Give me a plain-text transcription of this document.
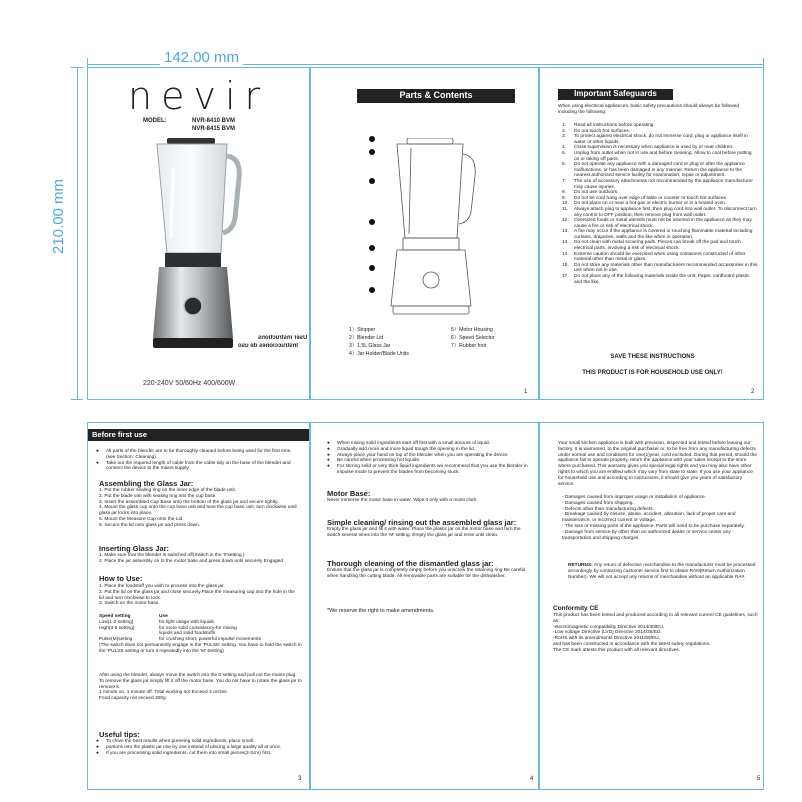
142.00 mm
210.00 mm
nevir
MODEL:	NVR-8410 BVM
NVR-8415 BVM
User instructions
Instrucciones de uso
220-240V 50/60Hz 400/600W
Parts & Contents
1）Stopper
2）Blender Lid
3）1.5L Glass Jar
4）Jar Holder/Blade Units
5）Motor Housing
6）Speed Selector
7）Rubber foot
1
Important Safeguards
When using electrical appliances, basic safety precautions should always be followed including the following:
1.	Read all instructions before operating.
2.	Do not touch hot surfaces.
3.	To protect against electrical shock, do not immerse cord, plug or appliance itself in water or other liquids.
4.	Close supervision is necessary when appliance is used by or near children.
5.	Unplug from outlet when not in use and before cleaning. Allow to cool before putting on or taking off parts.
6.	Do not operate any appliance with a damaged cord or plug or after the appliance malfunctions, or has been damaged in any manner. Return the appliance to the nearest authorized service facility for examination, repair or adjustment.
7.	The use of accessory attachments not recommended by the appliance manufacturer may cause injuries.
8.	Do not use outdoors.
9.	Do not let cord hang over edge of table or counter or touch hot surfaces.
10.	Do not place on or near a hot gas or electric burner or in a heated oven.
11.	Always attach plug to appliance first, then plug cord into wall outlet. To disconnect turn any control to OFF position, then remove plug from wall outlet.
12.	Oversized foods or metal utensils must not be inserted in the appliance as they may cause a fire or risk of electrical shock.
13.	A fire may occur if the appliance is covered or touching flammable material including curtains, draperies, walls and the like when in operation.
14.	Do not clean with metal scouring pads. Pieces can break off the pad and touch electrical parts, involving a risk of electrical shock.
14.	Extreme caution should be exercised when using containers constructed of other material other than metal or glass.
15.	Do not store any materials other than manufacturers recommended accessories in this unit when not in use.
17.	Do not place any of the following materials inside the unit: Paper, cardboard plastic and the like.
SAVE THESE INSTRUCTIONS
THIS PRODUCT IS FOR HOUSEHOLD USE ONLY!
2
Before first use
●	All parts of the blender are to be thoroughly cleaned before being used for the first time, (see Section: Cleaning).
●	Take out the required length of cable from the cable tidy on the base of the blender and connect the device to the mains supply.
Assembling the Glass Jar:
1. Put the rubber sealing ring on the inner edge of the blade unit.
2. Put the blade unit with sealing ring into the cup base.
3. Insert the assembled Cup Base onto the bottom of the glass jar and secure tightly.
4. Mount the glass cup onto the cup base unit and tune the cup base unit, turn clockwise until glass jar locks into place.
5. Mount the Measure Cup onto the Lid.
6. Secure the lid onto glass jar and press down.
Inserting Glass Jar:
1. Make sure that the blender is switched off(Switch in the '0'setting.)
2. Place the jar assembly on to the motor base and press down until securely Engaged
How to Use:
1. Place the foodstuff you wish to process into the glass jar.
2. Put the lid on the glass jar and close securely.Place the measuring cap into the hole in the lid and turn clockwise to lock.
3. Switch on the motor base.
Speed setting	Use
Low(1-2 setting)	for light usage with liquids
High(3-5 setting)	for more solid consistency-for mixing liquids and solid foodstuffs
Pulse(M)setting	for crushing short, powerful impulse movements
(The switch does not permanently engage in the 'PULSE' setting. You have to hold the switch in the 'PULSE setting or turn it repeatedly into the 'M' Setting)
After using the blender, always move the switch into the 0 setting and pull out the mains plug.
To remove the glass jar simply lift it off the motor base. You do not have to rotate the glass jar to remove it.
1 minute on, 1 minute off. Total working not Exceed 3 circles.
Food capacity not exceed 300g.
Useful tips:
●	To chive the best results when pureeing solid ingredients, place small.
●	portions into the plastic jar one by one instead of placing a large quality all at once.
●	If you are processing solid ingredients, cut them into small pieces(2-3cm) first.
3
●	When mixing solid ingredients start off first with a small amount of liquid.
●	Gradually add more and more liquid trough the opening in the lid.
●	Always place your hand on top of the blender when you are operating the device
●	Be careful when processing hot liquids.
●	For stirring solid or very thick liquid ingredients we recommend that you use the blender in impulse mode to prevent the blades from becoming stuck.
Motor Base:
Never immerse the motor base in water. Wipe it only with a moist cloth.
Simple cleaning/ rinsing out the assembled glass jar:
Empty the glass jar and fill it with water. Place the plastic jar on the motor base and turn the switch several times into the 'M' setting. Empty the glass jar and rinse until clean.
Thorough cleaning of the dismantled glass jar:
Ensure that the glass jar is completely empty before you unscrew the retaining ring Be careful when handling the cutting blade. All removable parts are suitable for the dishwasher.
*We reserve the right to make amendments.
4
Your small kitchen appliance is built with precision, inspected and tested before leaving our factory. It is warranted, to the original purchaser or, to be free from any manufacturing defects under normal use and conditions for one(1)year, cord excluded. During that period, should the appliance fail to operate properly, return the appliance with your sales receipt to the store where purchased. This warranty gives you special legal rights and you may also have other rights to which you are entitled which may vary from state to state. If you use your appliance for household use and according to instructions, it should give you years of satisfactory service.
- Damages caused from improper usage or installation of appliance.
- Damages caused from shipping.
- Defects other than manufacturing defects.
- Breakage caused by misuse, abuse, accident, alteration, lack of proper care and maintenance, or incorrect current or voltage.
- The loss or missing parts of the appliance. Parts will need to be purchase separately.
- Damage from service by other than an authorized dealer or service center any transportation and shipping charges.
RETURNS: Any return of defective merchandise to the manufacturer must be processed accordingly by contacting customer service first to obtain RAN(Return Authorization Number). We will not accept any returns of merchandise without an applicable RA#.
Conformity CE
This product has been tested and produced according to all relevant current CE guidelines, such as:
-electromagnetic compatibility Directive 2014/30/EU,
-Low voltage Directive (LVD) Directive 2014/35/EU,
-RoHS with its amendments Directive 2011/65/EU,
and has been constructed in accordance with the latest safety regulations.
The CE mark attests this product with all relevant directives.
5
